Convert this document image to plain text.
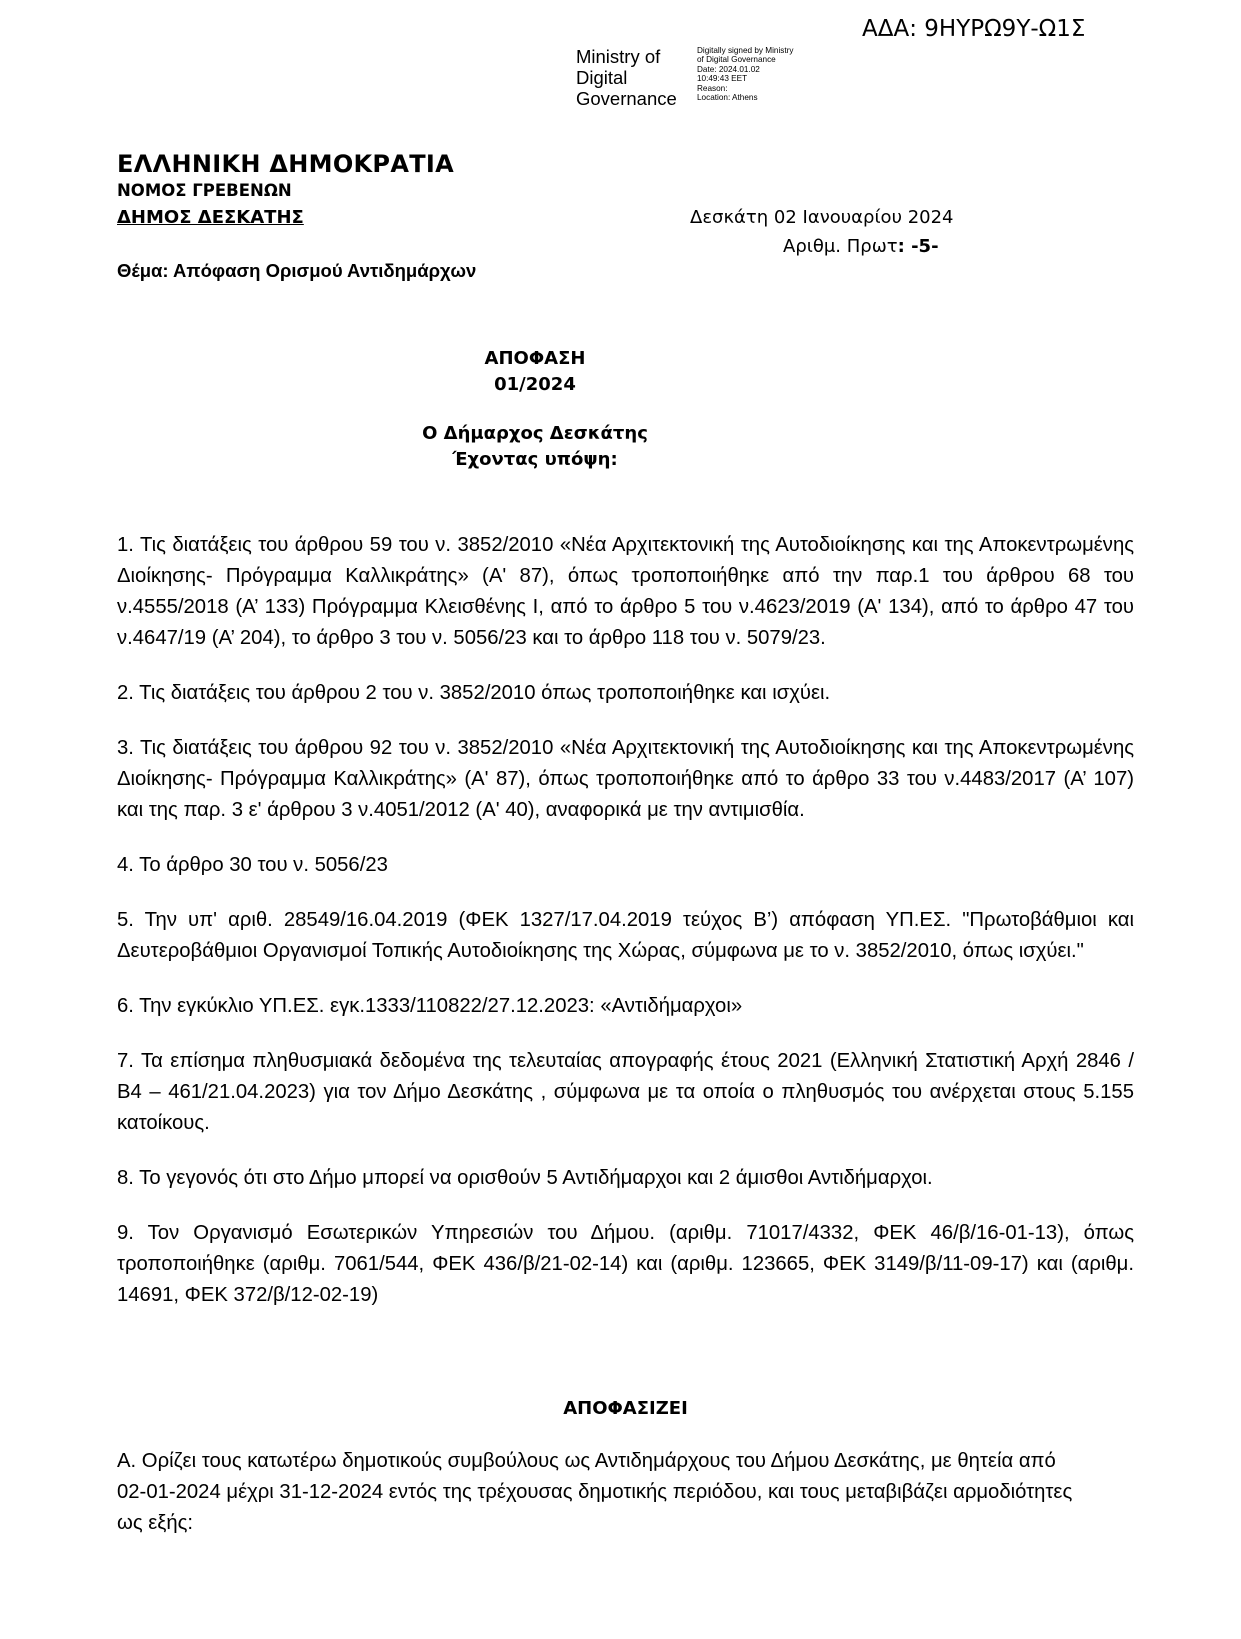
ΑΔΑ: 9ΗΥΡΩ9Υ-Ω1Σ
Ministry of
Digital
Governance
Digitally signed by Ministry
of Digital Governance
Date: 2024.01.02
10:49:43 EET
Reason:
Location: Athens
ΕΛΛΗΝΙΚΗ ΔΗΜΟΚΡΑΤΙΑ
ΝΟΜΟΣ ΓΡΕΒΕΝΩΝ
ΔΗΜΟΣ ΔΕΣΚΑΤΗΣ	Δεσκάτη 02 Ιανουαρίου 2024
Αριθμ. Πρωτ: -5-
Θέμα: Απόφαση Ορισμού Αντιδημάρχων
ΑΠΟΦΑΣΗ
01/2024
Ο Δήμαρχος Δεσκάτης
Έχοντας υπόψη:
1. Τις διατάξεις του άρθρου 59 του ν. 3852/2010 «Νέα Αρχιτεκτονική της Αυτοδιοίκησης και της Αποκεντρωμένης Διοίκησης- Πρόγραμμα Καλλικράτης» (Α' 87), όπως τροποποιήθηκε από την παρ.1 του άρθρου 68 του ν.4555/2018 (Α’ 133) Πρόγραμμα Κλεισθένης Ι, από το άρθρο 5 του ν.4623/2019 (Α' 134), από το άρθρο 47 του ν.4647/19 (Α’ 204), το άρθρο 3 του ν. 5056/23 και το άρθρο 118 του ν. 5079/23.
2. Τις διατάξεις του άρθρου 2 του ν. 3852/2010 όπως τροποποιήθηκε και ισχύει.
3. Τις διατάξεις του άρθρου 92 του ν. 3852/2010 «Νέα Αρχιτεκτονική της Αυτοδιοίκησης και της Αποκεντρωμένης Διοίκησης- Πρόγραμμα Καλλικράτης» (Α' 87), όπως τροποποιήθηκε από το άρθρο 33 του ν.4483/2017 (Α’ 107) και της παρ. 3 ε' άρθρου 3 ν.4051/2012 (Α' 40), αναφορικά με την αντιμισθία.
4. Το άρθρο 30 του ν. 5056/23
5. Την υπ' αριθ. 28549/16.04.2019 (ΦΕΚ 1327/17.04.2019 τεύχος Β’) απόφαση ΥΠ.ΕΣ. "Πρωτοβάθμιοι και Δευτεροβάθμιοι Οργανισμοί Τοπικής Αυτοδιοίκησης της Χώρας, σύμφωνα με το ν. 3852/2010, όπως ισχύει."
6. Την εγκύκλιο ΥΠ.ΕΣ. εγκ.1333/110822/27.12.2023: «Αντιδήμαρχοι»
7. Τα επίσημα πληθυσμιακά δεδομένα της τελευταίας απογραφής έτους 2021 (Ελληνική Στατιστική Αρχή 2846 / Β4 – 461/21.04.2023) για τον Δήμο Δεσκάτης , σύμφωνα με τα οποία ο πληθυσμός του ανέρχεται στους 5.155 κατοίκους.
8. Το γεγονός ότι στο Δήμο μπορεί να ορισθούν 5 Αντιδήμαρχοι και 2 άμισθοι Αντιδήμαρχοι.
9. Τον Οργανισμό Εσωτερικών Υπηρεσιών του Δήμου. (αριθμ. 71017/4332, ΦΕΚ 46/β/16-01-13), όπως τροποποιήθηκε (αριθμ. 7061/544, ΦΕΚ 436/β/21-02-14) και (αριθμ. 123665, ΦΕΚ 3149/β/11-09-17) και (αριθμ. 14691, ΦΕΚ 372/β/12-02-19)
ΑΠΟΦΑΣΙΖΕΙ
Α. Ορίζει τους κατωτέρω δημοτικούς συμβούλους ως Αντιδημάρχους του Δήμου Δεσκάτης, με θητεία από 02-01-2024 μέχρι 31-12-2024 εντός της τρέχουσας δημοτικής περιόδου, και τους μεταβιβάζει αρμοδιότητες ως εξής:
